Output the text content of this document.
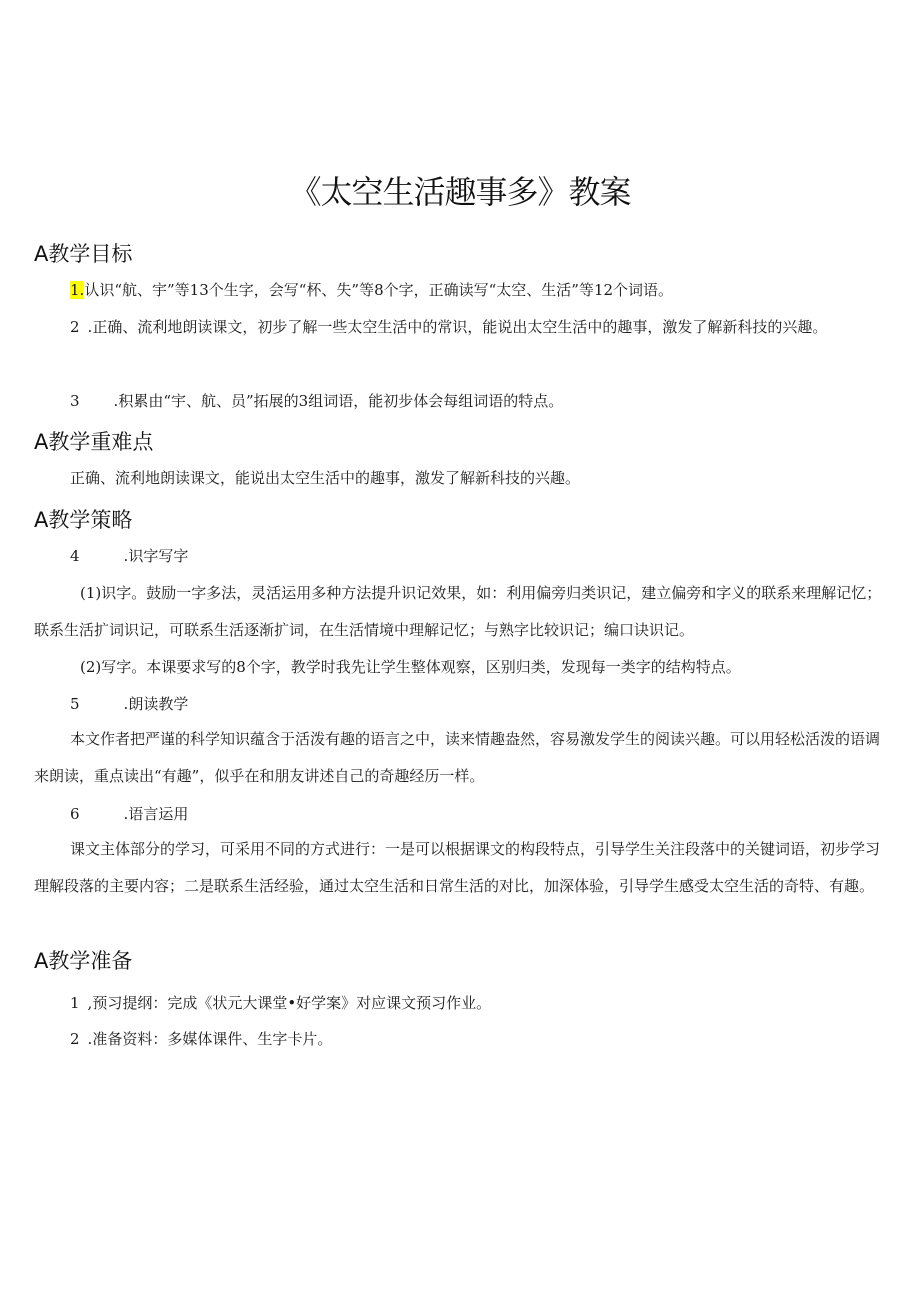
《太空生活趣事多》教案
A教学目标
1.认识“航、宇”等13个生字，会写“杯、失”等8个字，正确读写“太空、生活”等12个词语。
2 .正确、流利地朗读课文，初步了解一些太空生活中的常识，能说出太空生活中的趣事，激发了解新科技的兴趣。
3 .积累由“宇、航、员”拓展的3组词语，能初步体会每组词语的特点。
A教学重难点
正确、流利地朗读课文，能说出太空生活中的趣事，激发了解新科技的兴趣。
A教学策略
4	.识字写字
(1)识字。鼓励一字多法，灵活运用多种方法提升识记效果，如：利用偏旁归类识记，建立偏旁和字义的联系来理解记忆；联系生活扩词识记，可联系生活逐渐扩词，在生活情境中理解记忆；与熟字比较识记；编口诀识记。
(2)写字。本课要求写的8个字，教学时我先让学生整体观察，区别归类，发现每一类字的结构特点。
5	.朗读教学
本文作者把严谨的科学知识蕴含于活泼有趣的语言之中，读来情趣盎然，容易激发学生的阅读兴趣。可以用轻松活泼的语调来朗读，重点读出“有趣”，似乎在和朋友讲述自己的奇趣经历一样。
6	.语言运用
课文主体部分的学习，可采用不同的方式进行：一是可以根据课文的构段特点，引导学生关注段落中的关键词语，初步学习理解段落的主要内容；二是联系生活经验，通过太空生活和日常生活的对比，加深体验，引导学生感受太空生活的奇特、有趣。
A教学准备
1 ,预习提纲：完成《状元大课堂•好学案》对应课文预习作业。
2 .准备资料：多媒体课件、生字卡片。
